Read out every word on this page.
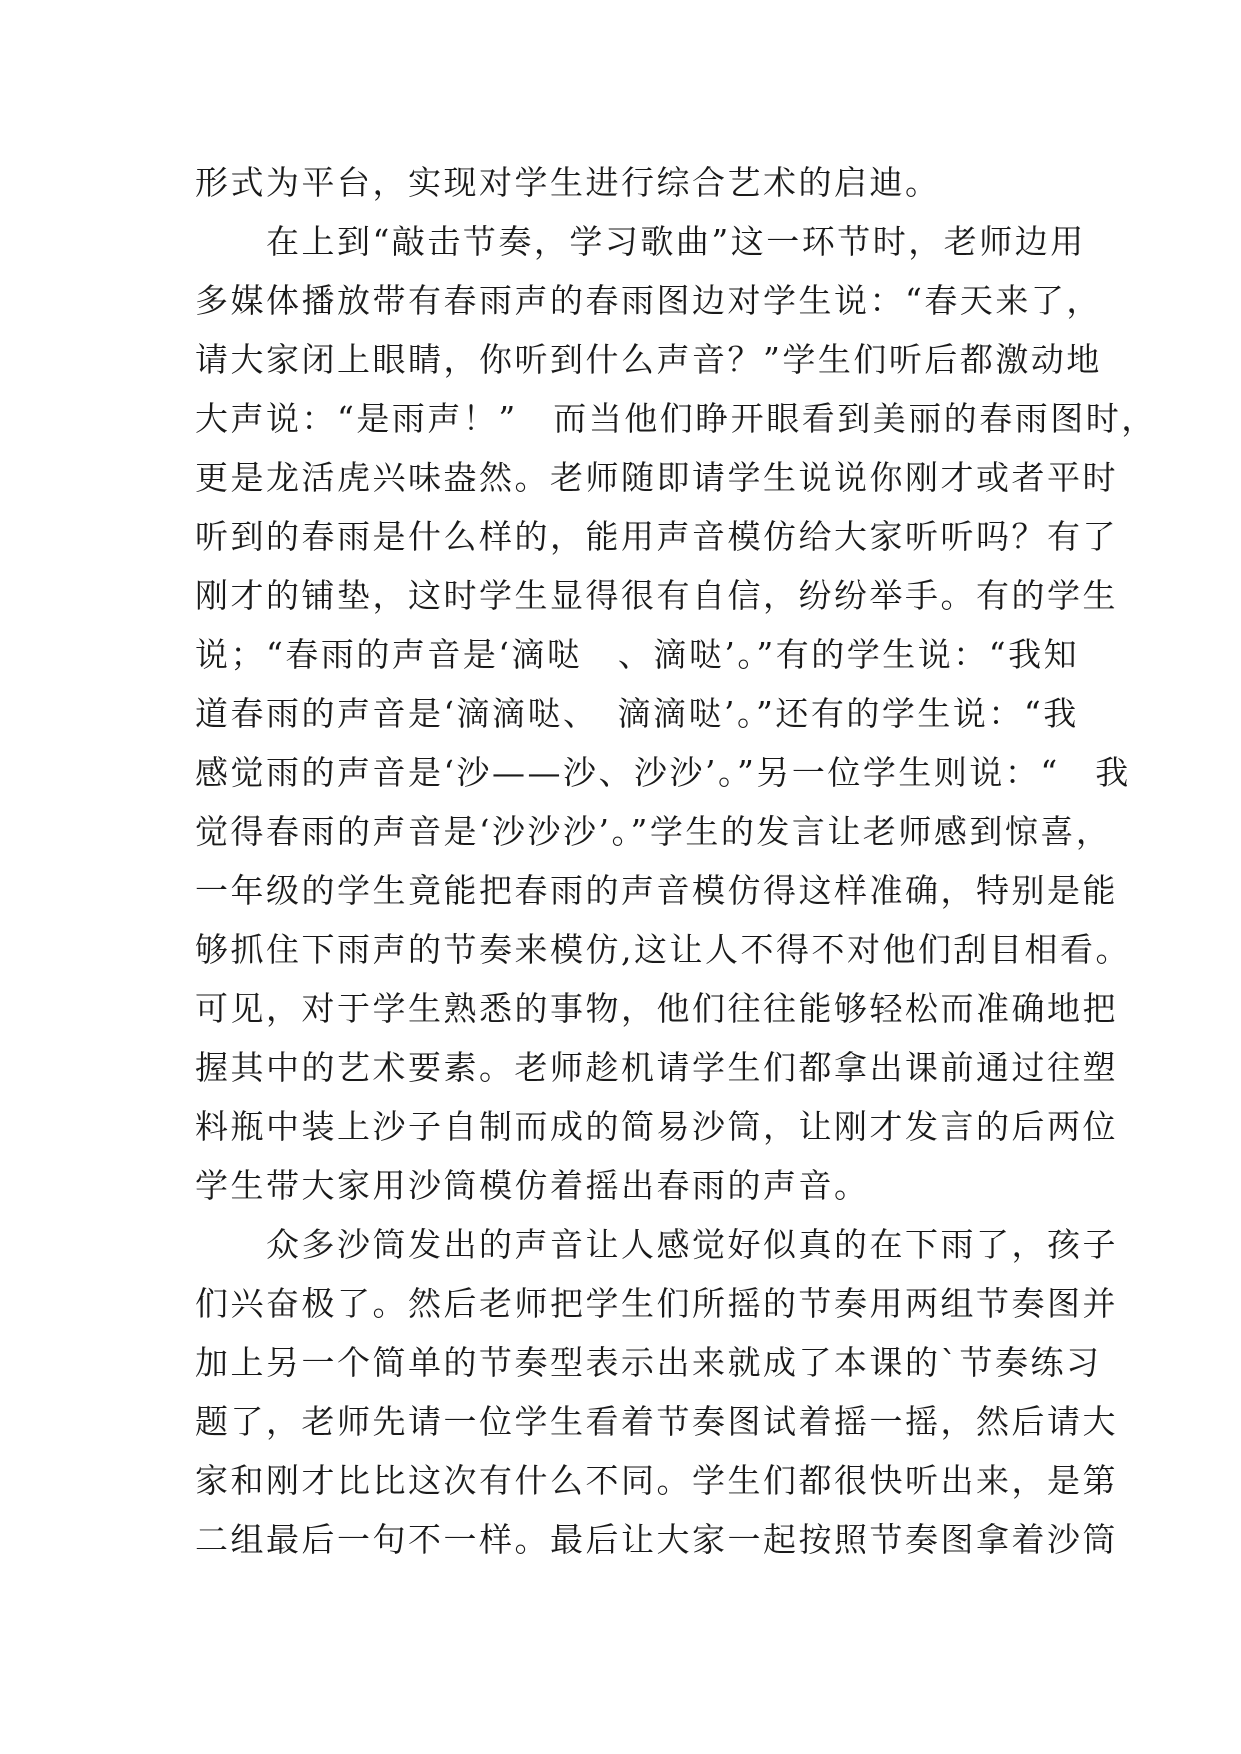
形式为平台，实现对学生进行综合艺术的启迪。
　　在上到“敲击节奏，学习歌曲”这一环节时，老师边用
多媒体播放带有春雨声的春雨图边对学生说：“春天来了，
请大家闭上眼睛，你听到什么声音？”学生们听后都激动地
大声说：“是雨声！”　而当他们睁开眼看到美丽的春雨图时，
更是龙活虎兴味盎然。老师随即请学生说说你刚才或者平时
听到的春雨是什么样的，能用声音模仿给大家听听吗？有了
刚才的铺垫，这时学生显得很有自信，纷纷举手。有的学生
说；“春雨的声音是‘滴哒　、滴哒’。”有的学生说：“我知
道春雨的声音是‘滴滴哒、　滴滴哒’。”还有的学生说：“我
感觉雨的声音是‘沙——沙、沙沙’。”另一位学生则说：“　我
觉得春雨的声音是‘沙沙沙’。”学生的发言让老师感到惊喜，
一年级的学生竟能把春雨的声音模仿得这样准确，特别是能
够抓住下雨声的节奏来模仿,这让人不得不对他们刮目相看。
可见，对于学生熟悉的事物，他们往往能够轻松而准确地把
握其中的艺术要素。老师趁机请学生们都拿出课前通过往塑
料瓶中装上沙子自制而成的简易沙筒，让刚才发言的后两位
学生带大家用沙筒模仿着摇出春雨的声音。
　　众多沙筒发出的声音让人感觉好似真的在下雨了，孩子
们兴奋极了。然后老师把学生们所摇的节奏用两组节奏图并
加上另一个简单的节奏型表示出来就成了本课的`节奏练习
题了，老师先请一位学生看着节奏图试着摇一摇，然后请大
家和刚才比比这次有什么不同。学生们都很快听出来，是第
二组最后一句不一样。最后让大家一起按照节奏图拿着沙筒
